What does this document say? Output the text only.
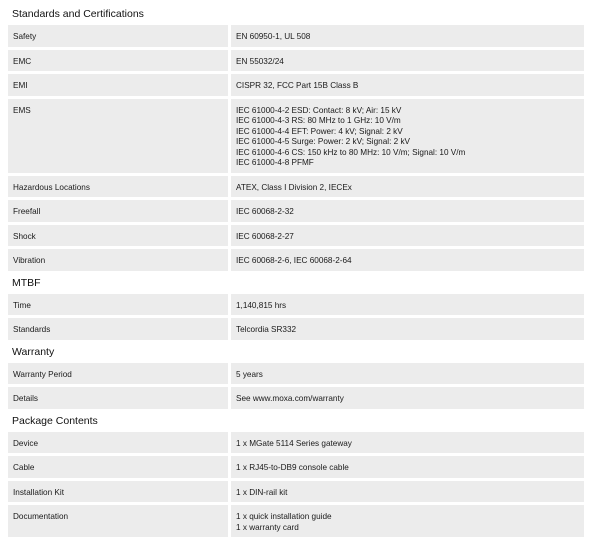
Standards and Certifications
Safety	EN 60950-1, UL 508
EMC	EN 55032/24
EMI	CISPR 32, FCC Part 15B Class B
EMS	IEC 61000-4-2 ESD: Contact: 8 kV; Air: 15 kV
IEC 61000-4-3 RS: 80 MHz to 1 GHz: 10 V/m
IEC 61000-4-4 EFT: Power: 4 kV; Signal: 2 kV
IEC 61000-4-5 Surge: Power: 2 kV; Signal: 2 kV
IEC 61000-4-6 CS: 150 kHz to 80 MHz: 10 V/m; Signal: 10 V/m
IEC 61000-4-8 PFMF
Hazardous Locations	ATEX, Class I Division 2, IECEx
Freefall	IEC 60068-2-32
Shock	IEC 60068-2-27
Vibration	IEC 60068-2-6, IEC 60068-2-64
MTBF
Time	1,140,815 hrs
Standards	Telcordia SR332
Warranty
Warranty Period	5 years
Details	See www.moxa.com/warranty
Package Contents
Device	1 x MGate 5114 Series gateway
Cable	1 x RJ45-to-DB9 console cable
Installation Kit	1 x DIN-rail kit
Documentation	1 x quick installation guide
1 x warranty card
